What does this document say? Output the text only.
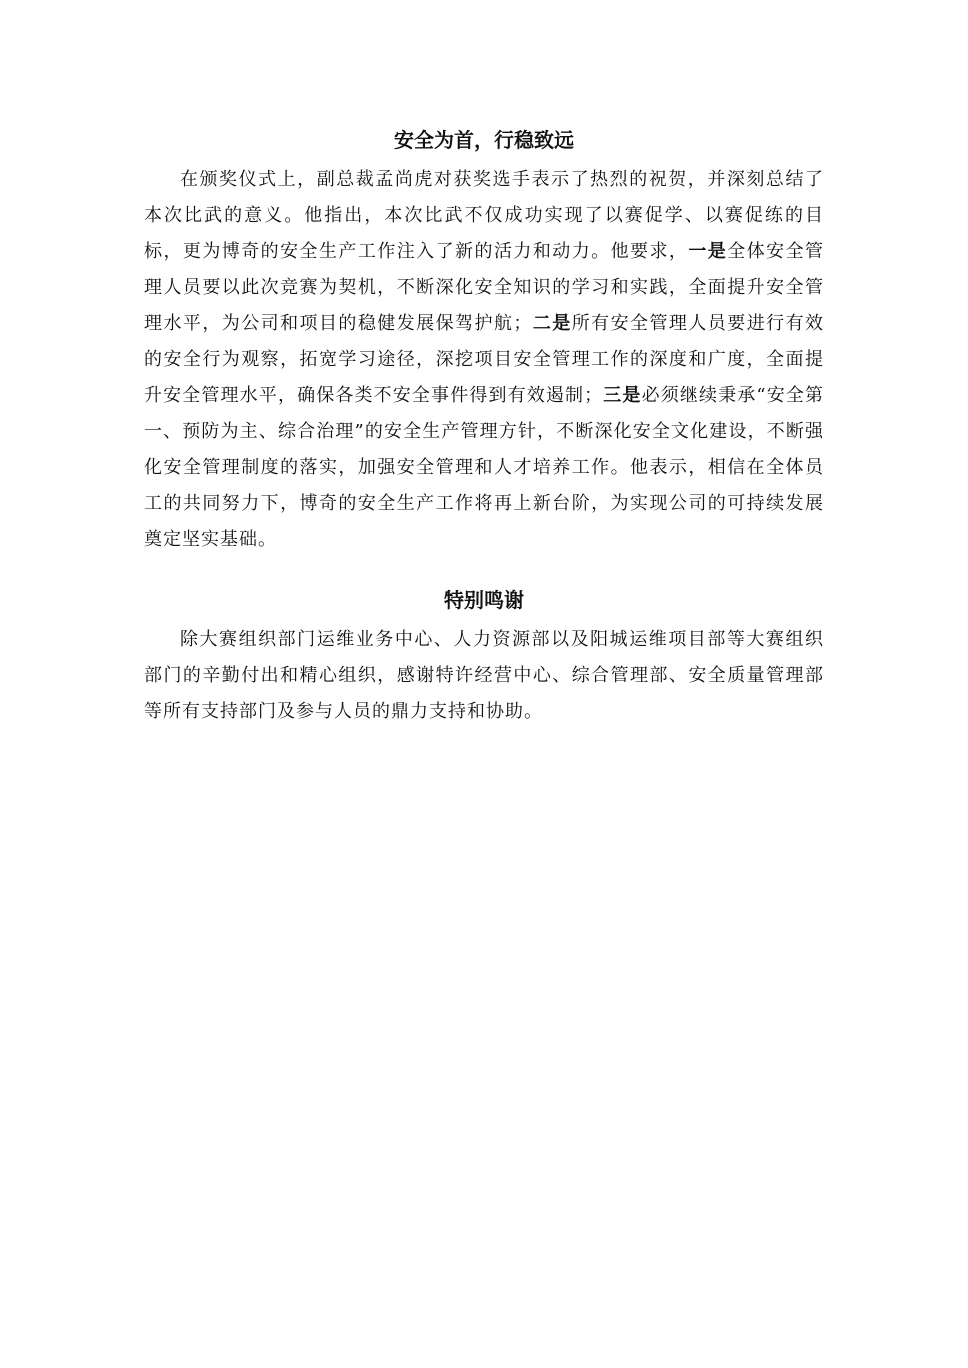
安全为首，行稳致远

在颁奖仪式上，副总裁孟尚虎对获奖选手表示了热烈的祝贺，并深刻总结了本次比武的意义。他指出，本次比武不仅成功实现了以赛促学、以赛促练的目标，更为博奇的安全生产工作注入了新的活力和动力。他要求，一是全体安全管理人员要以此次竞赛为契机，不断深化安全知识的学习和实践，全面提升安全管理水平，为公司和项目的稳健发展保驾护航；二是所有安全管理人员要进行有效的安全行为观察，拓宽学习途径，深挖项目安全管理工作的深度和广度，全面提升安全管理水平，确保各类不安全事件得到有效遏制；三是必须继续秉承“安全第一、预防为主、综合治理”的安全生产管理方针，不断深化安全文化建设，不断强化安全管理制度的落实，加强安全管理和人才培养工作。他表示，相信在全体员工的共同努力下，博奇的安全生产工作将再上新台阶，为实现公司的可持续发展奠定坚实基础。

特别鸣谢

除大赛组织部门运维业务中心、人力资源部以及阳城运维项目部等大赛组织部门的辛勤付出和精心组织，感谢特许经营中心、综合管理部、安全质量管理部等所有支持部门及参与人员的鼎力支持和协助。
